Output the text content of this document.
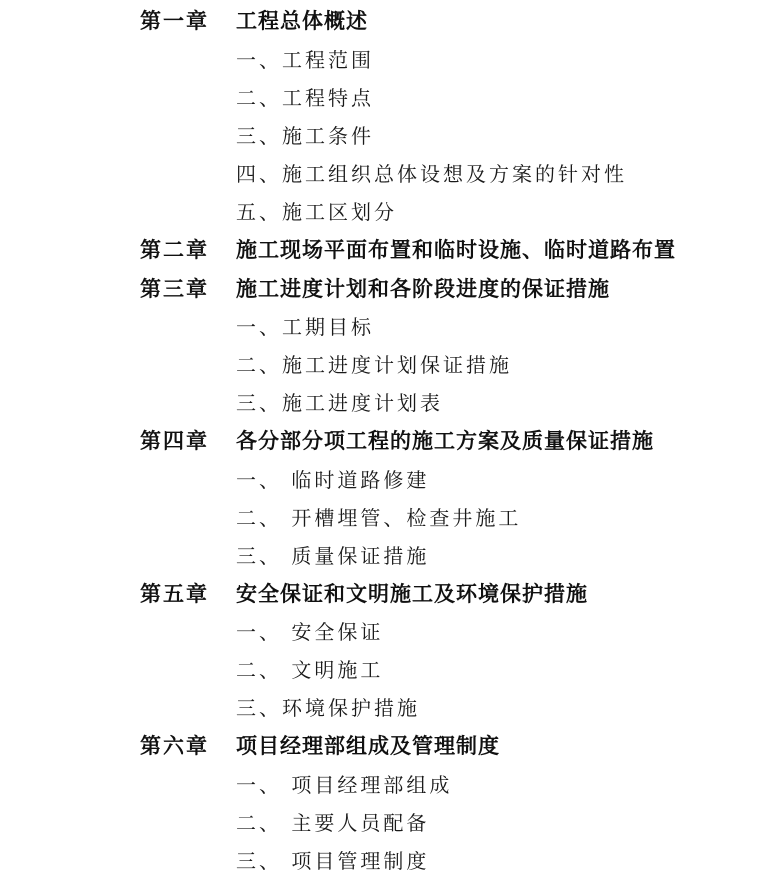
第一章 工程总体概述
一、工程范围
二、工程特点
三、施工条件
四、施工组织总体设想及方案的针对性
五、施工区划分
第二章 施工现场平面布置和临时设施、临时道路布置
第三章 施工进度计划和各阶段进度的保证措施
一、工期目标
二、施工进度计划保证措施
三、施工进度计划表
第四章 各分部分项工程的施工方案及质量保证措施
一、 临时道路修建
二、 开槽埋管、检查井施工
三、 质量保证措施
第五章 安全保证和文明施工及环境保护措施
一、 安全保证
二、 文明施工
三、环境保护措施
第六章 项目经理部组成及管理制度
一、 项目经理部组成
二、 主要人员配备
三、 项目管理制度
